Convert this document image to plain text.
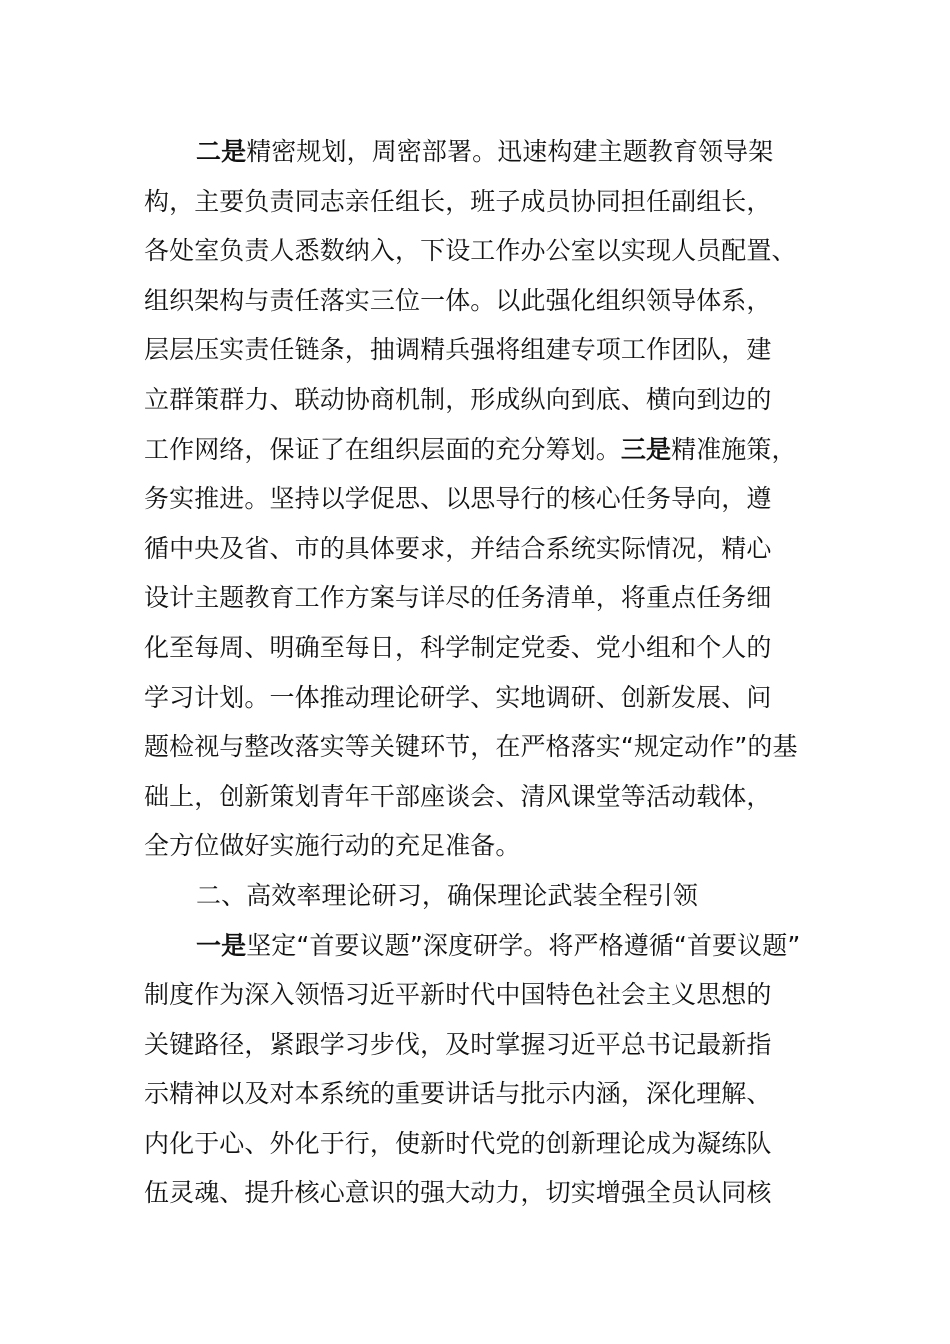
二是精密规划，周密部署。迅速构建主题教育领导架
构，主要负责同志亲任组长，班子成员协同担任副组长，
各处室负责人悉数纳入，下设工作办公室以实现人员配置、
组织架构与责任落实三位一体。以此强化组织领导体系，
层层压实责任链条，抽调精兵强将组建专项工作团队，建
立群策群力、联动协商机制，形成纵向到底、横向到边的
工作网络，保证了在组织层面的充分筹划。三是精准施策，
务实推进。坚持以学促思、以思导行的核心任务导向，遵
循中央及省、市的具体要求，并结合系统实际情况，精心
设计主题教育工作方案与详尽的任务清单，将重点任务细
化至每周、明确至每日，科学制定党委、党小组和个人的
学习计划。一体推动理论研学、实地调研、创新发展、问
题检视与整改落实等关键环节，在严格落实“规定动作”的基
础上，创新策划青年干部座谈会、清风课堂等活动载体，
全方位做好实施行动的充足准备。
二、高效率理论研习，确保理论武装全程引领
一是坚定“首要议题”深度研学。将严格遵循“首要议题”
制度作为深入领悟习近平新时代中国特色社会主义思想的
关键路径，紧跟学习步伐，及时掌握习近平总书记最新指
示精神以及对本系统的重要讲话与批示内涵，深化理解、
内化于心、外化于行，使新时代党的创新理论成为凝练队
伍灵魂、提升核心意识的强大动力，切实增强全员认同核
